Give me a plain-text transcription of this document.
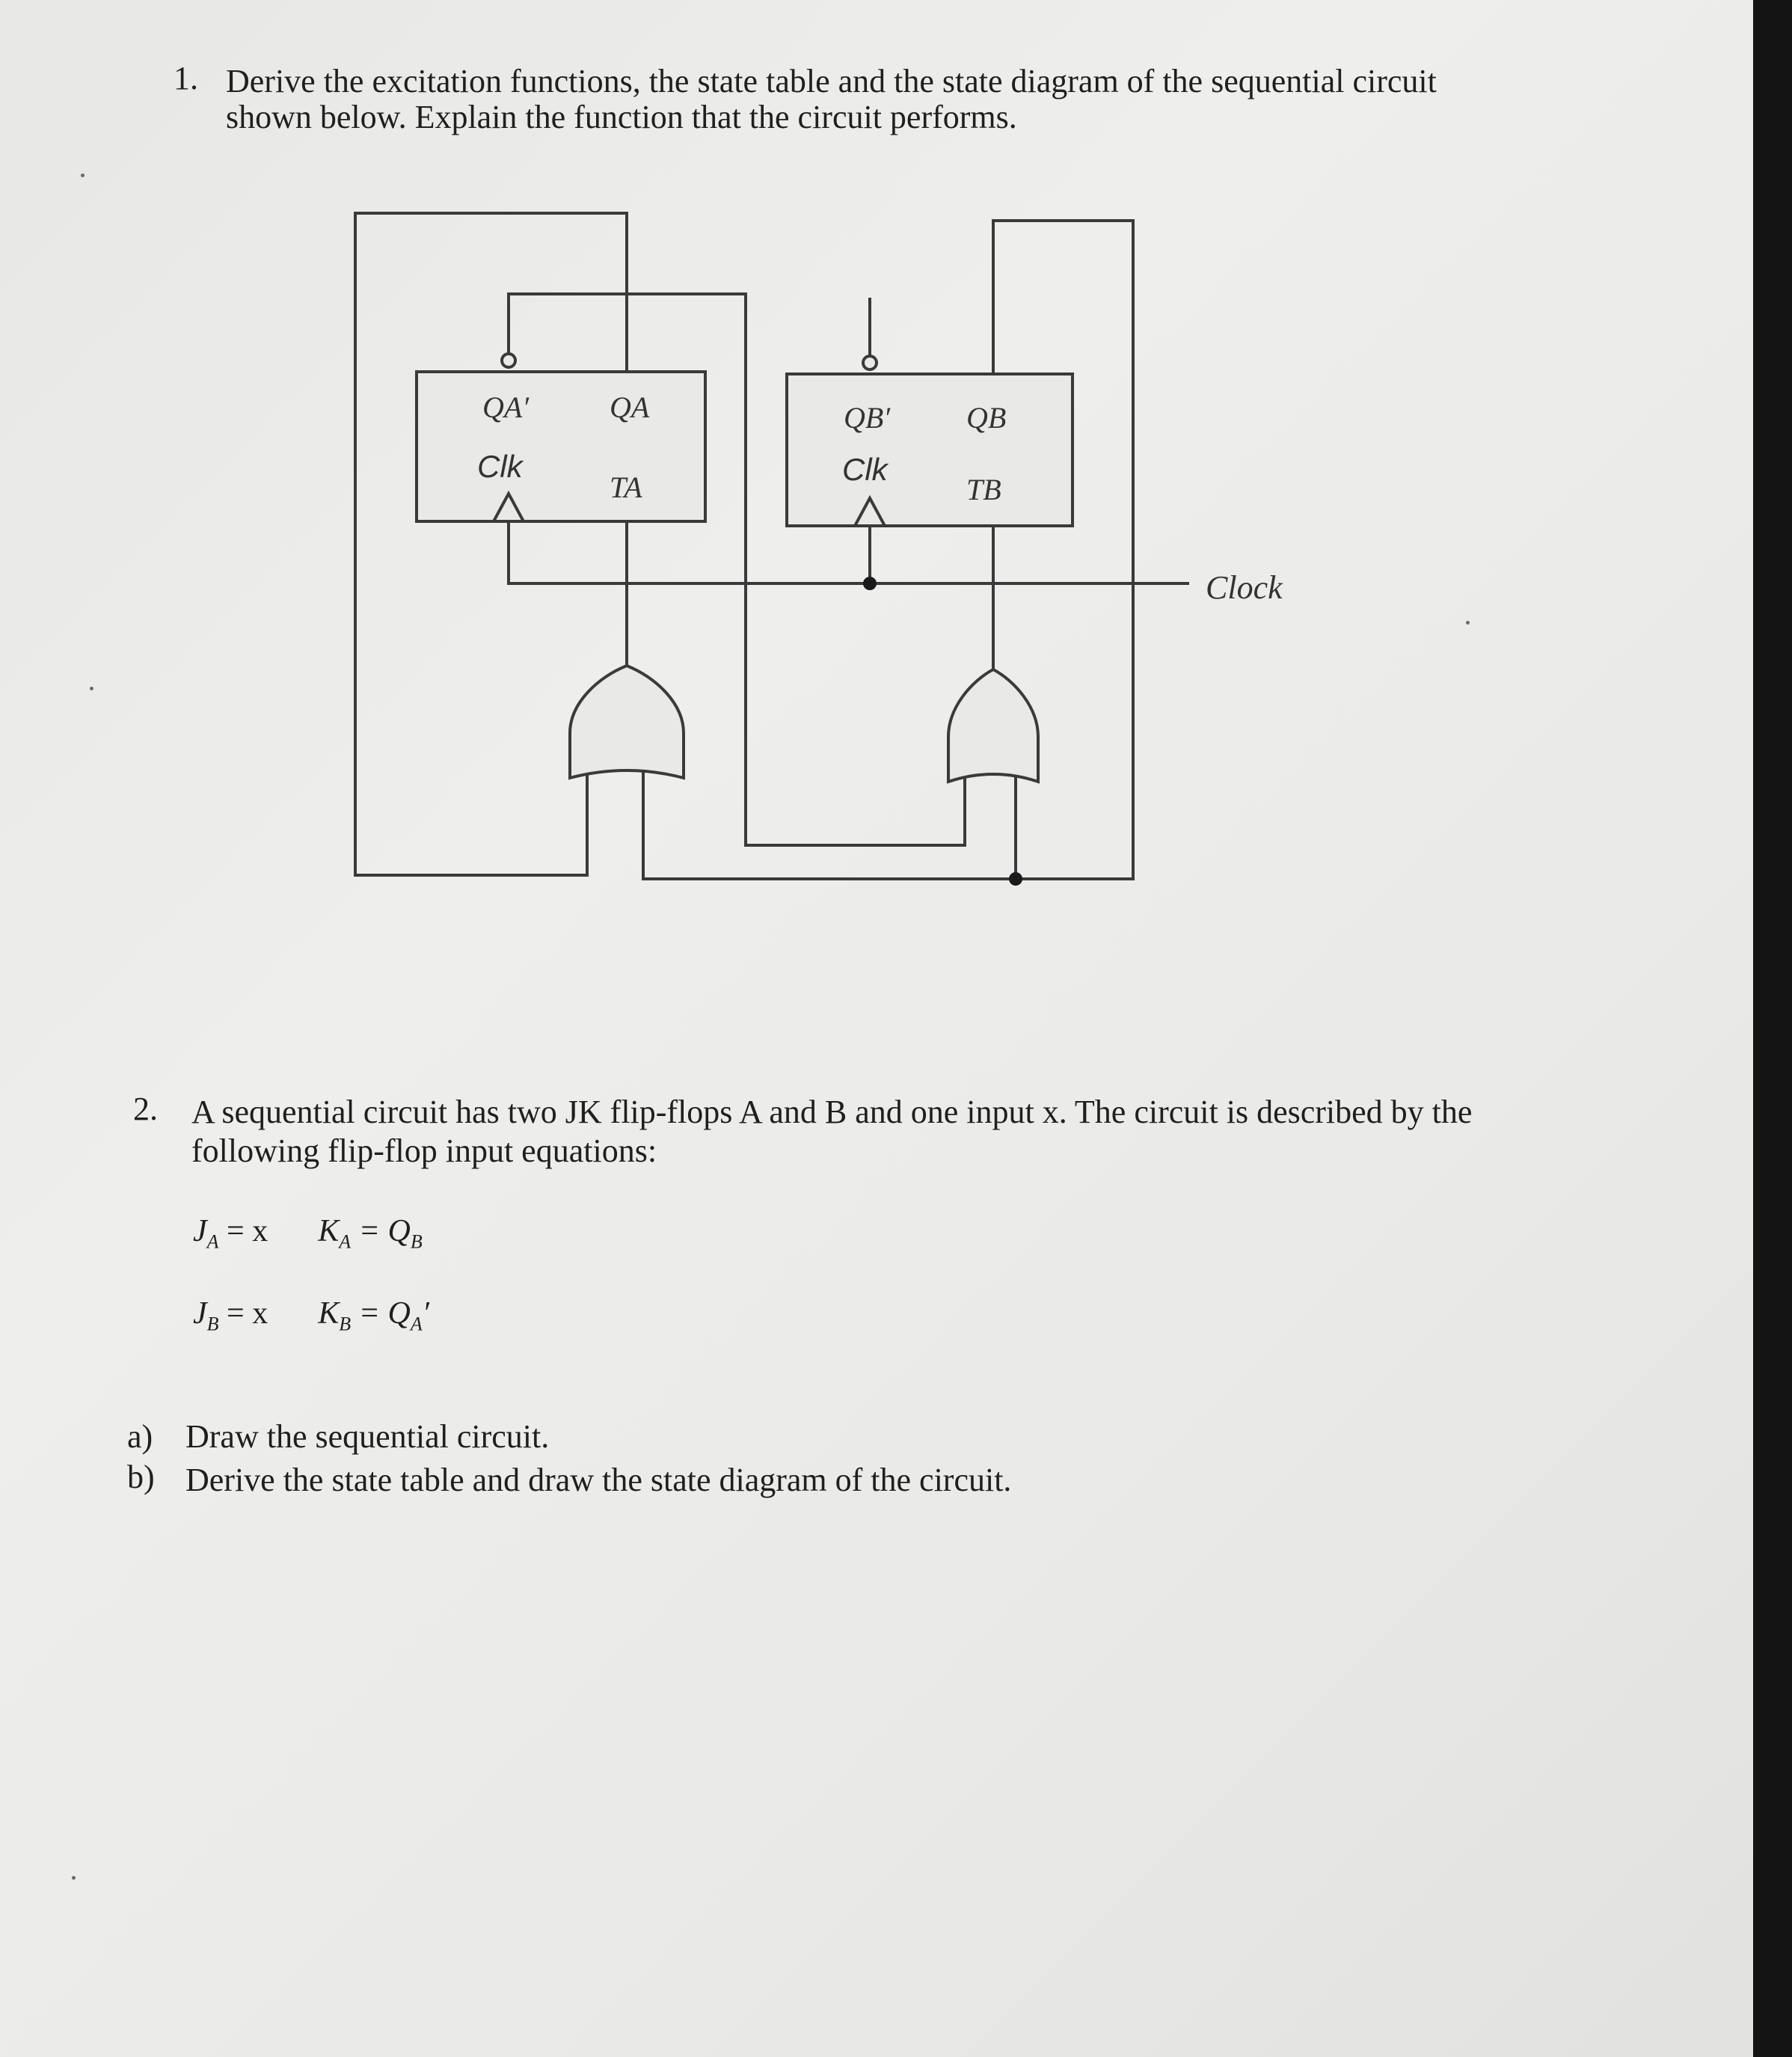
1. Derive the excitation functions, the state table and the state diagram of the sequential circuit

shown below. Explain the function that the circuit performs.

QA′	QA
TA
QB′	QB
TB
Clock
Clk	Clk
2. A sequential circuit has two JK flip-flops A and B and one input x. The circuit is described by the

following flip-flop input equations:

$J_A = x$ $K_A = Q_B$
$J_B = x$ $K_B = Q_A'$
a) Draw the sequential circuit.
b) Derive the state table and draw the state diagram of the circuit.
